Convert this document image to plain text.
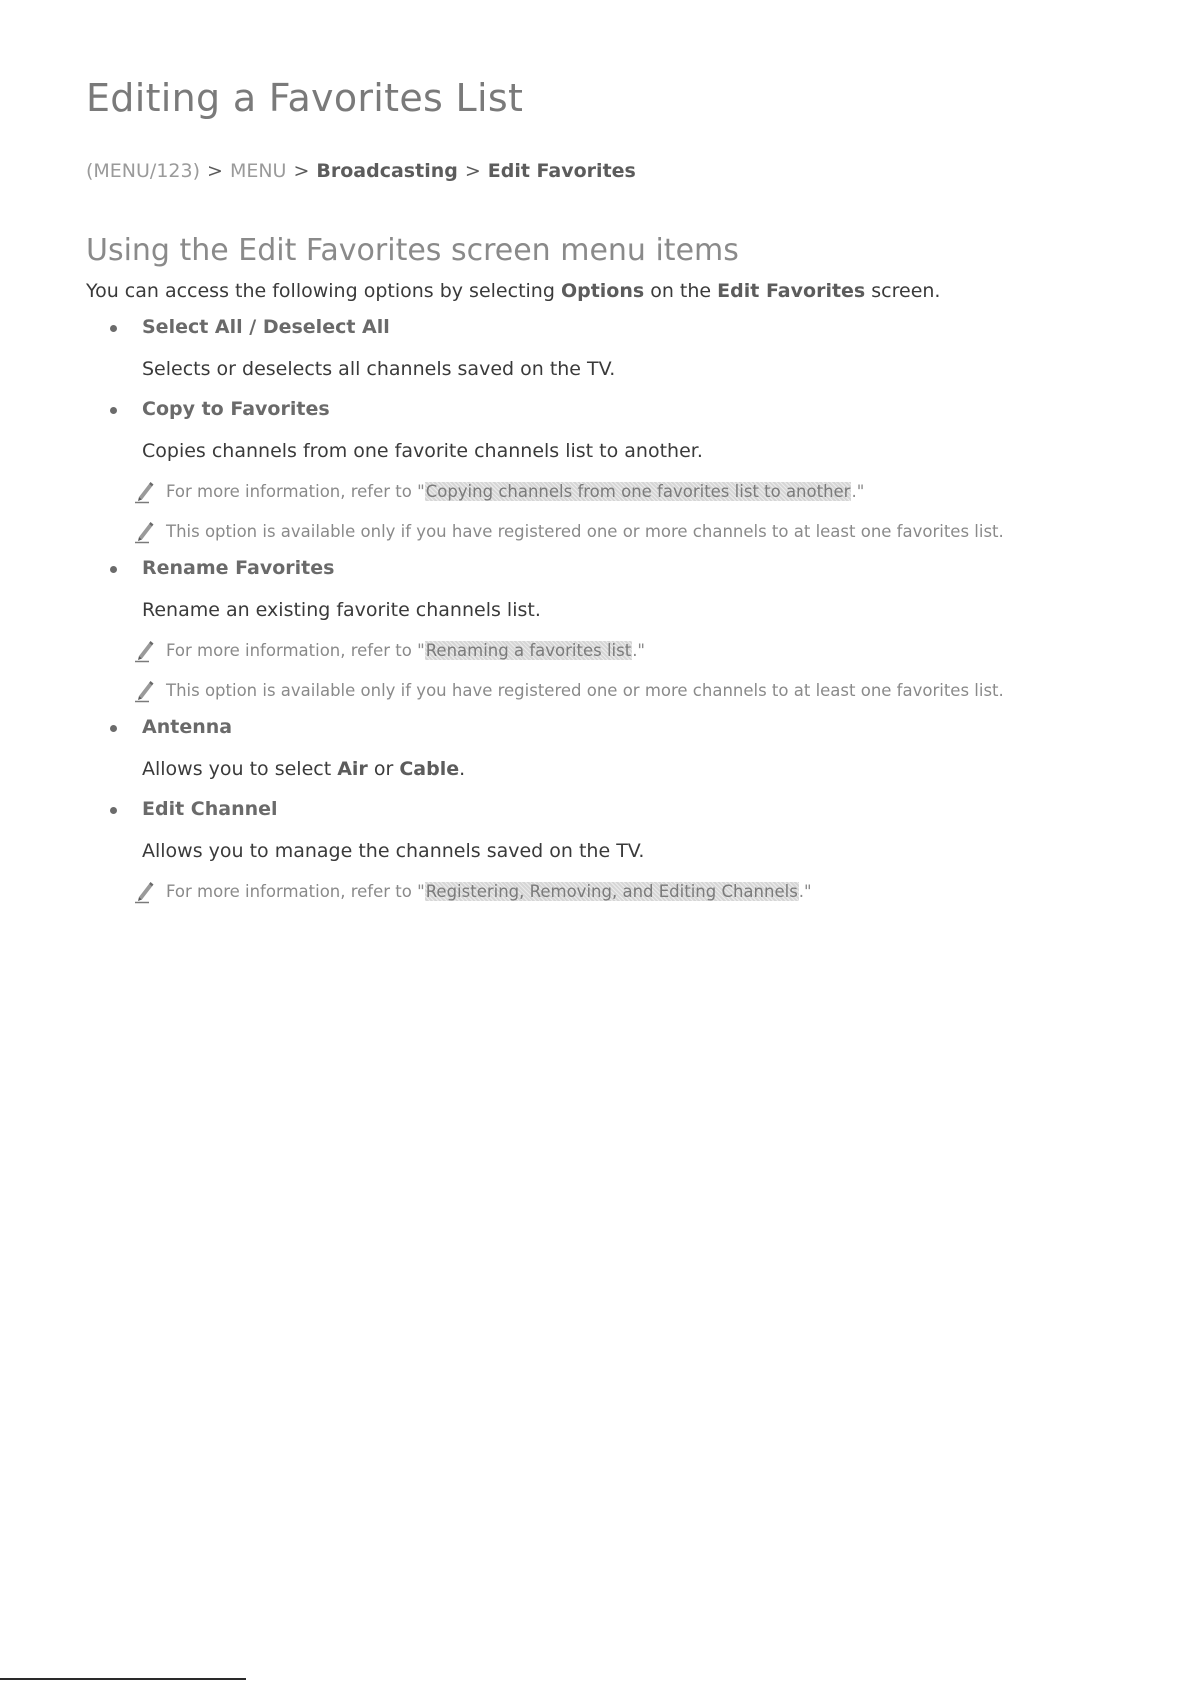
Editing a Favorites List
(MENU/123) > MENU > Broadcasting > Edit Favorites
Using the Edit Favorites screen menu items
You can access the following options by selecting Options on the Edit Favorites screen.
Select All / Deselect All
Selects or deselects all channels saved on the TV.
Copy to Favorites
Copies channels from one favorite channels list to another.
For more information, refer to "Copying channels from one favorites list to another."
This option is available only if you have registered one or more channels to at least one favorites list.
Rename Favorites
Rename an existing favorite channels list.
For more information, refer to "Renaming a favorites list."
This option is available only if you have registered one or more channels to at least one favorites list.
Antenna
Allows you to select Air or Cable.
Edit Channel
Allows you to manage the channels saved on the TV.
For more information, refer to "Registering, Removing, and Editing Channels."
